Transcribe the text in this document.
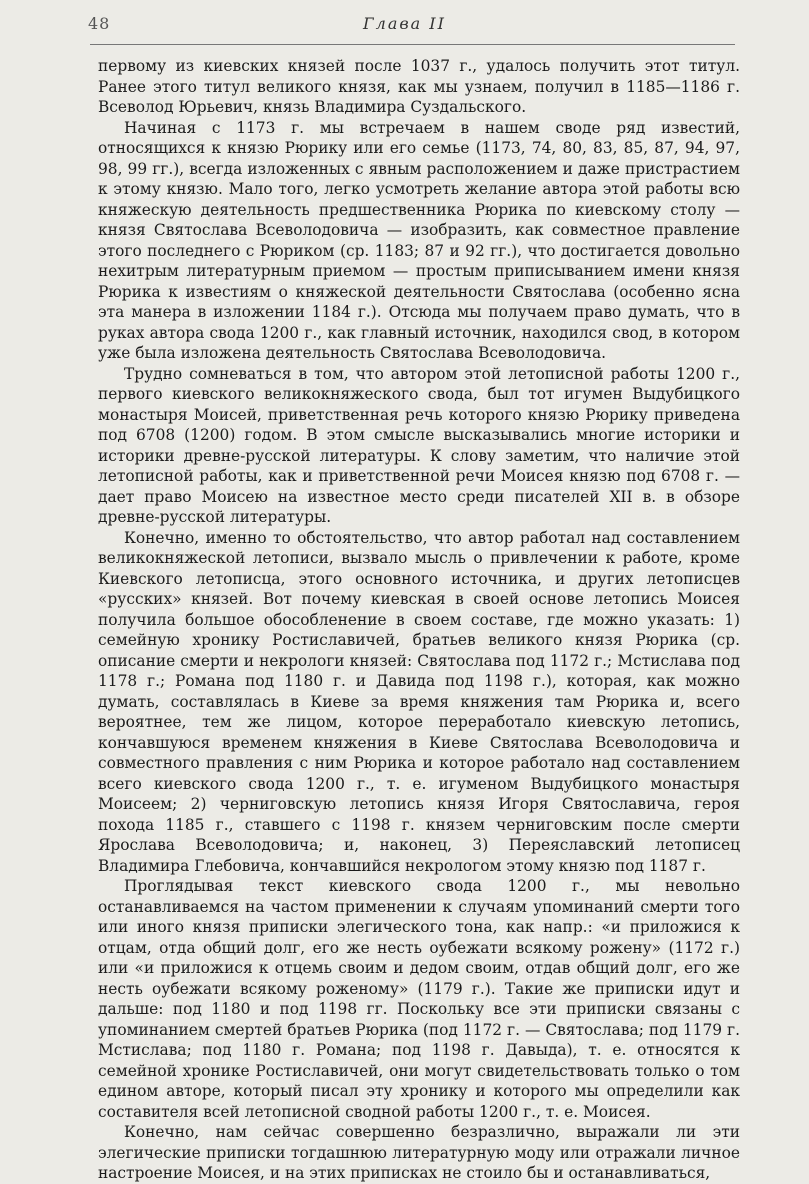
48	Глава II

первому из киевских князей после 1037 г., удалось получить этот титул. Ранее этого титул великого князя, как мы узнаем, получил в 1185—1186 г. Всеволод Юрьевич, князь Владимира Суздальского.

Начиная с 1173 г. мы встречаем в нашем своде ряд известий, относящихся к князю Рюрику или его семье (1173, 74, 80, 83, 85, 87, 94, 97, 98, 99 гг.), всегда изложенных с явным расположением и даже пристрастием к этому князю. Мало того, легко усмотреть желание автора этой работы всю княжескую деятельность предшественника Рюрика по киевскому столу — князя Святослава Всеволодовича — изобразить, как совместное правление этого последнего с Рюриком (ср. 1183; 87 и 92 гг.), что достигается довольно нехитрым литературным приемом — простым приписыванием имени князя Рюрика к известиям о княжеской деятельности Святослава (особенно ясна эта манера в изложении 1184 г.). Отсюда мы получаем право думать, что в руках автора свода 1200 г., как главный источник, находился свод, в котором уже была изложена деятельность Святослава Всеволодовича.

Трудно сомневаться в том, что автором этой летописной работы 1200 г., первого киевского великокняжеского свода, был тот игумен Выдубицкого монастыря Моисей, приветственная речь которого князю Рюрику приведена под 6708 (1200) годом. В этом смысле высказывались многие историки и историки древне-русской литературы. К слову заметим, что наличие этой летописной работы, как и приветственной речи Моисея князю под 6708 г. — дает право Моисею на известное место среди писателей XII в. в обзоре древне-русской литературы.

Конечно, именно то обстоятельство, что автор работал над составлением великокняжеской летописи, вызвало мысль о привлечении к работе, кроме Киевского летописца, этого основного источника, и других летописцев «русских» князей. Вот почему киевская в своей основе летопись Моисея получила большое обособленение в своем составе, где можно указать: 1) семейную хронику Ростиславичей, братьев великого князя Рюрика (ср. описание смерти и некрологи князей: Святослава под 1172 г.; Мстислава под 1178 г.; Романа под 1180 г. и Давида под 1198 г.), которая, как можно думать, составлялась в Киеве за время княжения там Рюрика и, всего вероятнее, тем же лицом, которое переработало киевскую летопись, кончавшуюся временем княжения в Киеве Святослава Всеволодовича и совместного правления с ним Рюрика и которое работало над составлением всего киевского свода 1200 г., т. е. игуменом Выдубицкого монастыря Моисеем; 2) черниговскую летопись князя Игоря Святославича, героя похода 1185 г., ставшего с 1198 г. князем черниговским после смерти Ярослава Всеволодовича; и, наконец, 3) Переяславский летописец Владимира Глебовича, кончавшийся некрологом этому князю под 1187 г.

Проглядывая текст киевского свода 1200 г., мы невольно останавливаемся на частом применении к случаям упоминаний смерти того или иного князя приписки элегического тона, как напр.: «и приложися к отцам, отда общий долг, его же несть оубежати всякому рожену» (1172 г.) или «и приложися к отцемь своим и дедом своим, отдав общий долг, его же несть оубежати всякому роженому» (1179 г.). Такие же приписки идут и дальше: под 1180 и под 1198 гг. Поскольку все эти приписки связаны с упоминанием смертей братьев Рюрика (под 1172 г. — Святослава; под 1179 г. Мстислава; под 1180 г. Романа; под 1198 г. Давыда), т. е. относятся к семейной хронике Ростиславичей, они могут свидетельствовать только о том едином авторе, который писал эту хронику и которого мы определили как составителя всей летописной сводной работы 1200 г., т. е. Моисея.

Конечно, нам сейчас совершенно безразлично, выражали ли эти элегические приписки тогдашнюю литературную моду или отражали личное настроение Моисея, и на этих приписках не стоило бы и останавливаться,
